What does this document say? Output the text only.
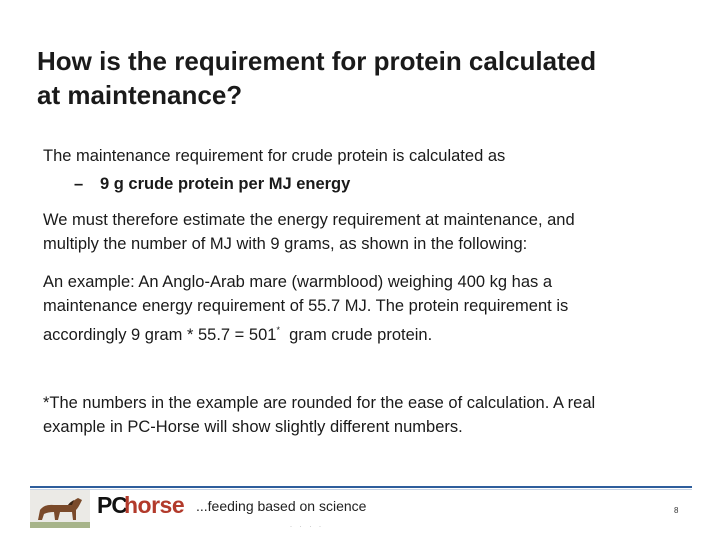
How is the requirement for protein calculated
at maintenance?
The maintenance requirement for crude protein is calculated as
– 9 g crude protein per MJ energy
We must therefore estimate the energy requirement at maintenance, and
multiply the number of MJ with 9 grams, as shown in the following:
An example: An Anglo-Arab mare (warmblood) weighing 400 kg has a
maintenance energy requirement of 55.7 MJ. The protein requirement is
accordingly 9 gram * 55.7 = 501*  gram crude protein.
*The numbers in the example are rounded for the ease of calculation. A real
example in PC-Horse will show slightly different numbers.
PC
horse ...feeding based on science	8
· · · ·
